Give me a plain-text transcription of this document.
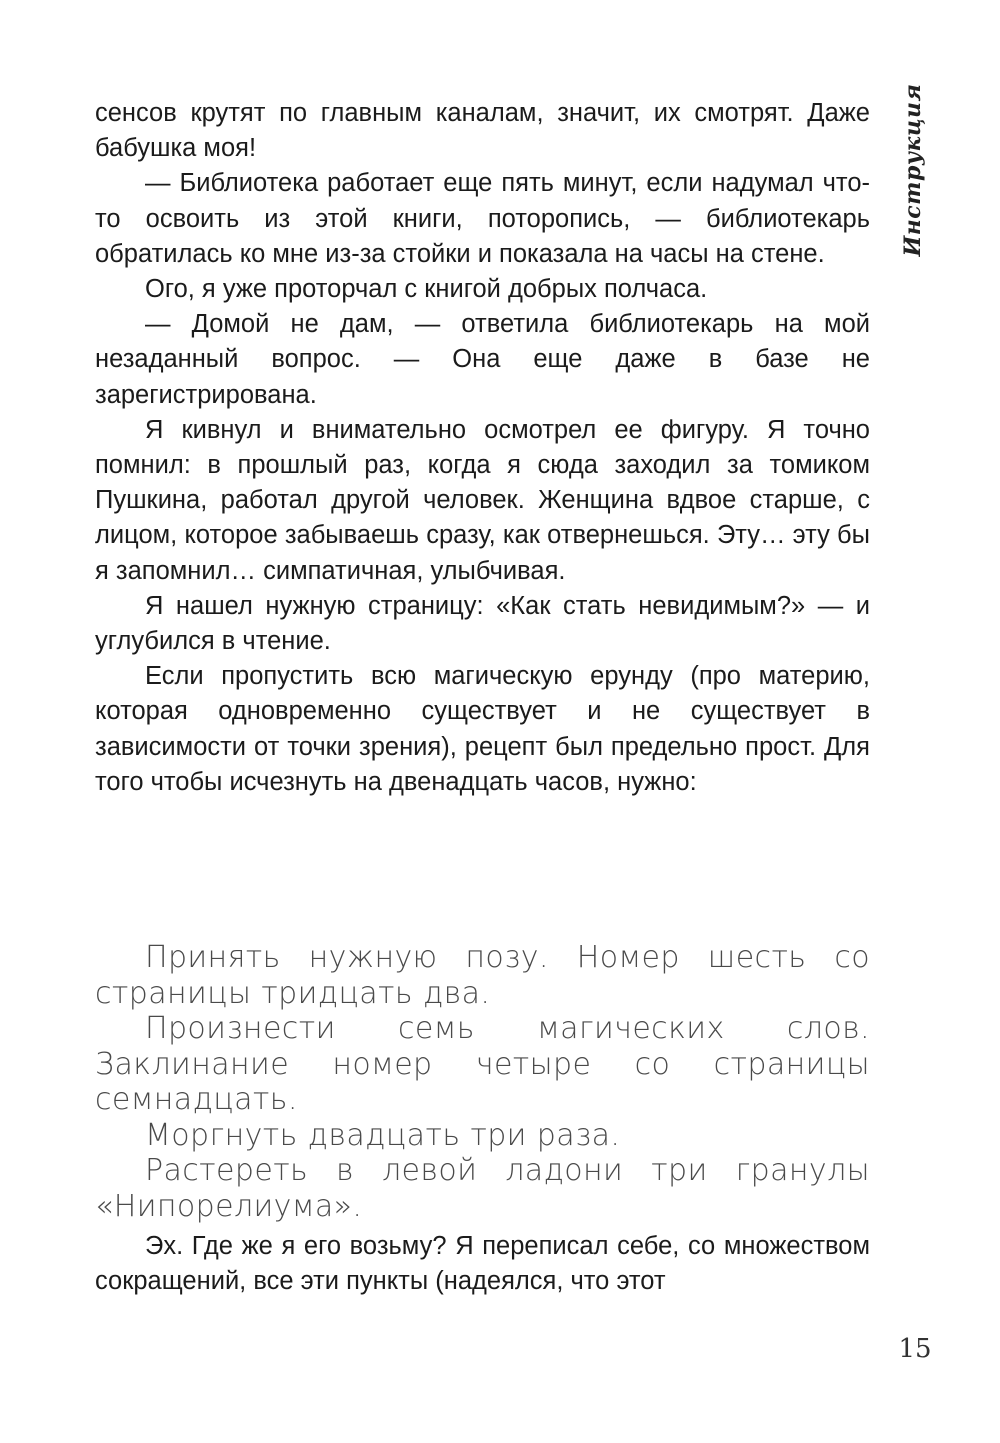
Инструкция

сенсов крутят по главным каналам, значит, их смотрят. Даже бабушка моя!

— Библиотека работает еще пять минут, если надумал что-то освоить из этой книги, поторопись, — библиотекарь обратилась ко мне из-за стойки и показала на часы на стене.

Ого, я уже проторчал с книгой добрых полчаса.

— Домой не дам, — ответила библиотекарь на мой незаданный вопрос. — Она еще даже в базе не зарегистрирована.

Я кивнул и внимательно осмотрел ее фигуру. Я точно помнил: в прошлый раз, когда я сюда заходил за томиком Пушкина, работал другой человек. Женщина вдвое старше, с лицом, которое забываешь сразу, как отвернешься. Эту… эту бы я запомнил… симпатичная, улыбчивая.

Я нашел нужную страницу: «Как стать невидимым?» — и углубился в чтение.

Если пропустить всю магическую ерунду (про материю, которая одновременно существует и не существует в зависимости от точки зрения), рецепт был предельно прост. Для того чтобы исчезнуть на двенадцать часов, нужно:

Принять нужную позу. Номер шесть со страницы тридцать два.

Произнести семь магических слов. Заклинание номер четыре со страницы семнадцать.

Моргнуть двадцать три раза.

Растереть в левой ладони три гранулы «Нипорелиума».

Эх. Где же я его возьму? Я переписал себе, со множеством сокращений, все эти пункты (надеялся, что этот

15
